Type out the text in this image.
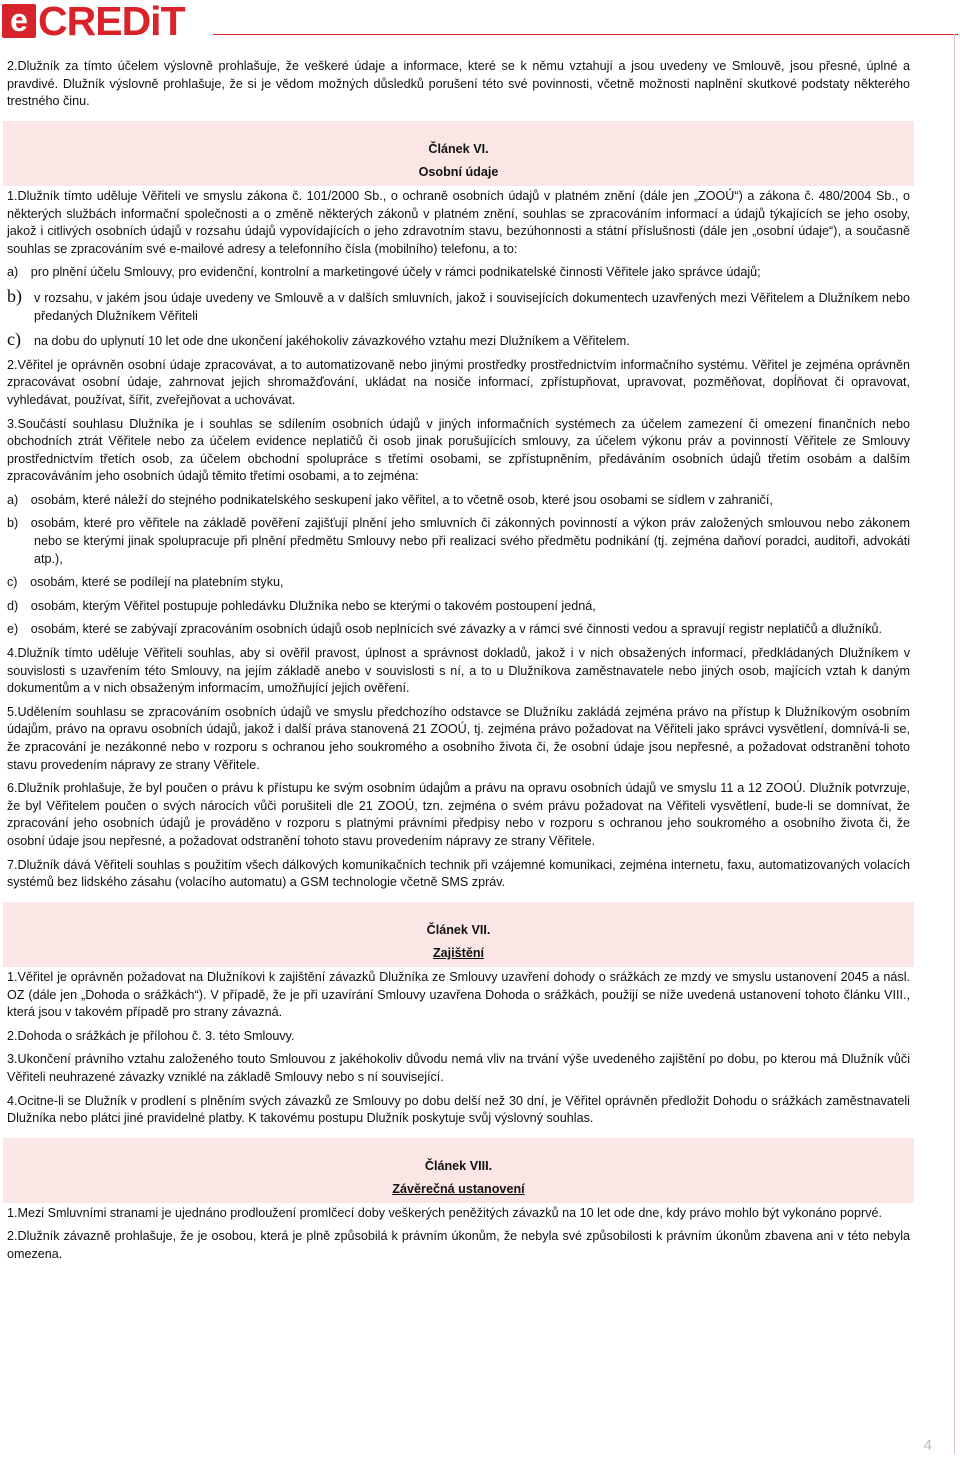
e CREDiT

2.Dlužník za tímto účelem výslovně prohlašuje, že veškeré údaje a informace, které se k němu vztahují a jsou uvedeny ve Smlouvě, jsou přesné, úplné a pravdivé. Dlužník výslovně prohlašuje, že si je vědom možných důsledků porušení této své povinnosti, včetně možnosti naplnění skutkové podstaty některého trestného činu.

Článek VI.
Osobní údaje

1.Dlužník tímto uděluje Věřiteli ve smyslu zákona č. 101/2000 Sb., o ochraně osobních údajů v platném znění (dále jen „ZOOÚ“) a zákona č. 480/2004 Sb., o některých službách informační společnosti a o změně některých zákonů v platném znění, souhlas se zpracováním informací a údajů týkajících se jeho osoby, jakož i citlivých osobních údajů v rozsahu údajů vypovídajících o jeho zdravotním stavu, bezúhonnosti a státní příslušnosti (dále jen „osobní údaje“), a současně souhlas se zpracováním své e-mailové adresy a telefonního čísla (mobilního) telefonu, a to:

a) pro plnění účelu Smlouvy, pro evidenční, kontrolní a marketingové účely v rámci podnikatelské činnosti Věřitele jako správce údajů;

b) v rozsahu, v jakém jsou údaje uvedeny ve Smlouvě a v dalších smluvních, jakož i souvisejících dokumentech uzavřených mezi Věřitelem a Dlužníkem nebo předaných Dlužníkem Věřiteli

c) na dobu do uplynutí 10 let ode dne ukončení jakéhokoliv závazkového vztahu mezi Dlužníkem a Věřitelem.

2.Věřitel je oprávněn osobní údaje zpracovávat, a to automatizovaně nebo jinými prostředky prostřednictvím informačního systému. Věřitel je zejména oprávněn zpracovávat osobní údaje, zahrnovat jejich shromažďování, ukládat na nosiče informací, zpřístupňovat, upravovat, pozměňovat, dopĺňovat či opravovat, vyhledávat, používat, šířit, zveřejňovat a uchovávat.

3.Součástí souhlasu Dlužníka je i souhlas se sdílením osobních údajů v jiných informačních systémech za účelem zamezení či omezení finančních nebo obchodních ztrát Věřitele nebo za účelem evidence neplatičů či osob jinak porušujících smlouvy, za účelem výkonu práv a povinností Věřitele ze Smlouvy prostřednictvím třetích osob, za účelem obchodní spolupráce s třetími osobami, se zpřístupněním, předáváním osobních údajů třetím osobám a dalším zpracováváním jeho osobních údajů těmito třetími osobami, a to zejména:

a) osobám, které náleží do stejného podnikatelského seskupení jako věřitel, a to včetně osob, které jsou osobami se sídlem v zahraničí,

b) osobám, které pro věřitele na základě pověření zajišťují plnění jeho smluvních či zákonných povinností a výkon práv založených smlouvou nebo zákonem nebo se kterými jinak spolupracuje při plnění předmětu Smlouvy nebo při realizaci svého předmětu podnikání (tj. zejména daňoví poradci, auditoři, advokáti atp.),

c) osobám, které se podílejí na platebním styku,

d) osobám, kterým Věřitel postupuje pohledávku Dlužníka nebo se kterými o takovém postoupení jedná,

e) osobám, které se zabývají zpracováním osobních údajů osob neplnících své závazky a v rámci své činnosti vedou a spravují registr neplatičů a dlužníků.

4.Dlužník tímto uděluje Věřiteli souhlas, aby si ověřil pravost, úplnost a správnost dokladů, jakož i v nich obsažených informací, předkládaných Dlužníkem v souvislosti s uzavřením této Smlouvy, na jejím základě anebo v souvislosti s ní, a to u Dlužníkova zaměstnavatele nebo jiných osob, majících vztah k daným dokumentům a v nich obsaženým informacím, umožňující jejich ověření.

5.Udělením souhlasu se zpracováním osobních údajů ve smyslu předchozího odstavce se Dlužníku zakládá zejména právo na přístup k Dlužníkovým osobním údajům, právo na opravu osobních údajů, jakož i další práva stanovená 21 ZOOÚ, tj. zejména právo požadovat na Věřiteli jako správci vysvětlení, domnívá-li se, že zpracování je nezákonné nebo v rozporu s ochranou jeho soukromého a osobního života či, že osobní údaje jsou nepřesné, a požadovat odstranění tohoto stavu provedením nápravy ze strany Věřitele.

6.Dlužník prohlašuje, že byl poučen o právu k přístupu ke svým osobním údajům a právu na opravu osobních údajů ve smyslu 11 a 12 ZOOÚ. Dlužník potvrzuje, že byl Věřitelem poučen o svých nárocích vůči porušiteli dle 21 ZOOÚ, tzn. zejména o svém právu požadovat na Věřiteli vysvětlení, bude-li se domnívat, že zpracování jeho osobních údajů je prováděno v rozporu s platnými právními předpisy nebo v rozporu s ochranou jeho soukromého a osobního života či, že osobní údaje jsou nepřesné, a požadovat odstranění tohoto stavu provedením nápravy ze strany Věřitele.

7.Dlužník dává Věřiteli souhlas s použitím všech dálkových komunikačních technik při vzájemné komunikaci, zejména internetu, faxu, automatizovaných volacích systémů bez lidského zásahu (volacího automatu) a GSM technologie včetně SMS zpráv.

Článek VII.
Zajištění

1.Věřitel je oprávněn požadovat na Dlužníkovi k zajištění závazků Dlužníka ze Smlouvy uzavření dohody o srážkách ze mzdy ve smyslu ustanovení 2045 a násl. OZ (dále jen „Dohoda o srážkách“). V případě, že je při uzavírání Smlouvy uzavřena Dohoda o srážkách, použijí se níže uvedená ustanovení tohoto článku VIII., která jsou v takovém případě pro strany závazná.

2.Dohoda o srážkách je přílohou č. 3. této Smlouvy.

3.Ukončení právního vztahu založeného touto Smlouvou z jakéhokoliv důvodu nemá vliv na trvání výše uvedeného zajištění po dobu, po kterou má Dlužník vůči Věřiteli neuhrazené závazky vzniklé na základě Smlouvy nebo s ní související.

4.Ocitne-li se Dlužník v prodlení s plněním svých závazků ze Smlouvy po dobu delší než 30 dní, je Věřitel oprávněn předložit Dohodu o srážkách zaměstnavateli Dlužníka nebo plátci jiné pravidelné platby. K takovému postupu Dlužník poskytuje svůj výslovný souhlas.

Článek VIII.
Závěrečná ustanovení

1.Mezi Smluvními stranami je ujednáno prodloužení promlčecí doby veškerých peněžitých závazků na 10 let ode dne, kdy právo mohlo být vykonáno poprvé.

2.Dlužník závazně prohlašuje, že je osobou, která je plně způsobilá k právním úkonům, že nebyla své způsobilosti k právním úkonům zbavena ani v této nebyla omezena.

4
